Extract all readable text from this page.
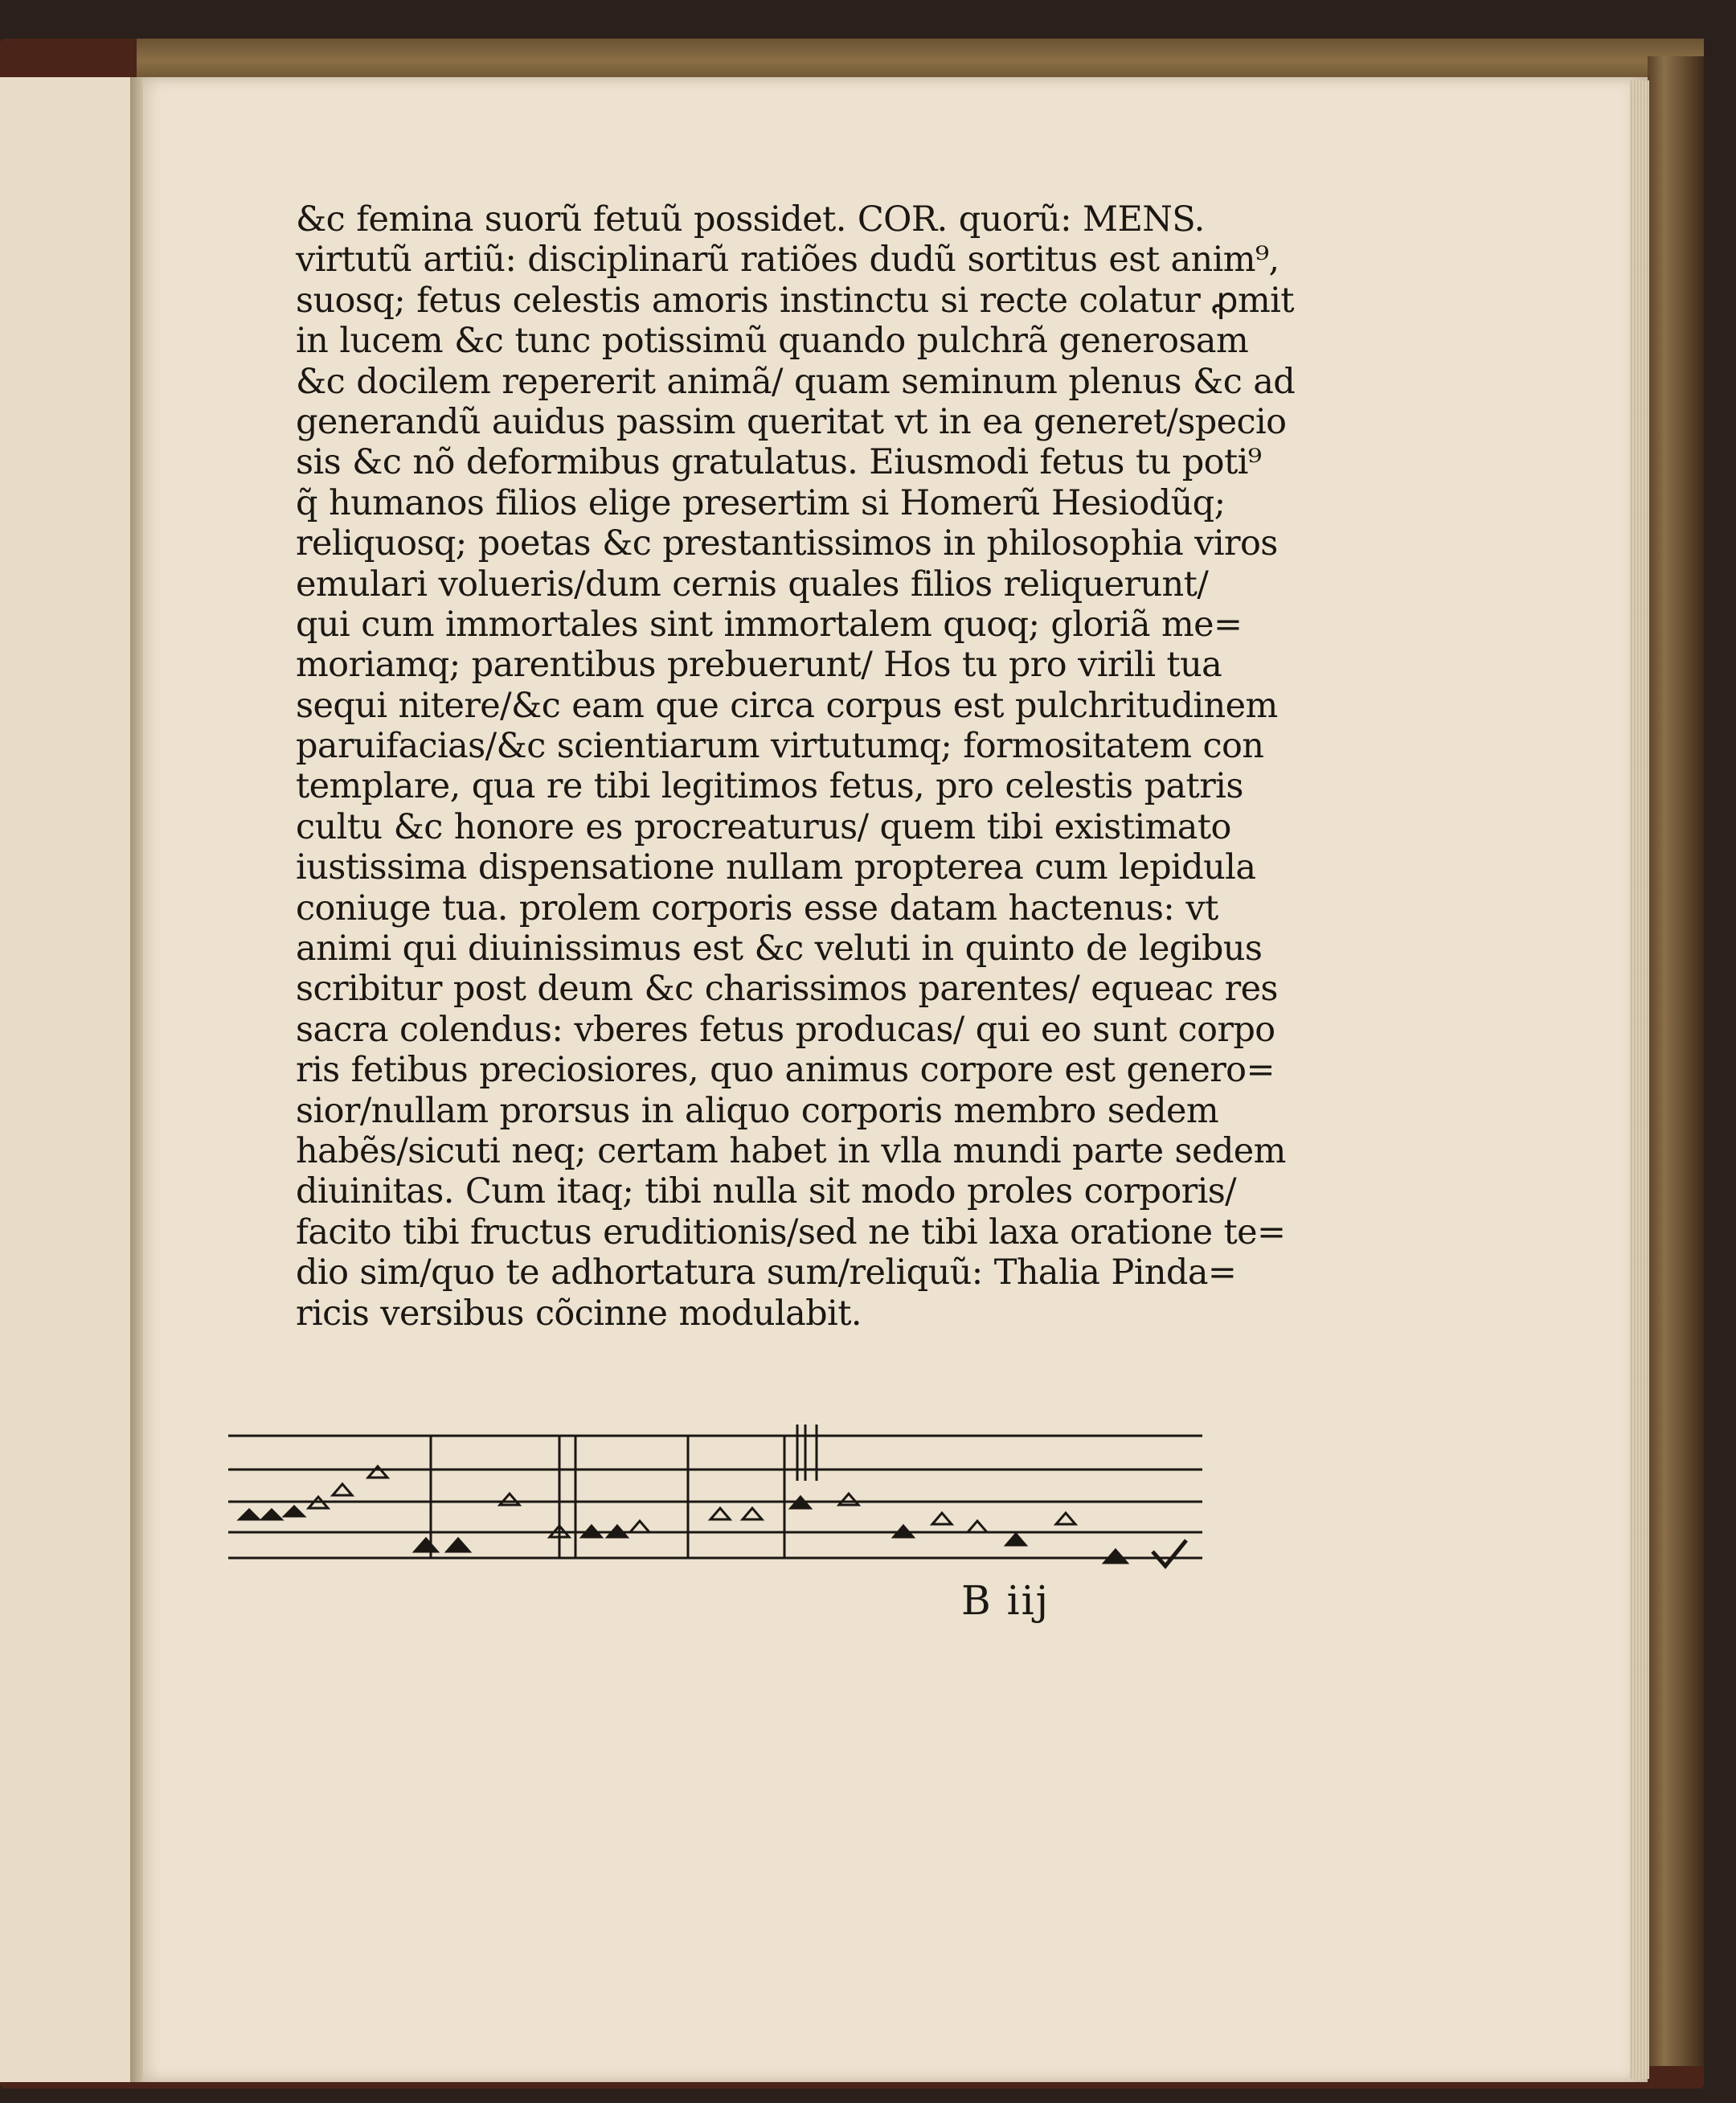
&c femina suorũ fetuũ possidet. COR. quorũ: MENS.
virtutũ artiũ: disciplinarũ ratiões dudũ sortitus est anim⁹,
suosq; fetus celestis amoris instinctu si recte colatur ꝓmit
in lucem &c tunc potissimũ quando pulchrã generosam
&c docilem repererit animã/ quam seminum plenus &c ad
generandũ auidus passim queritat vt in ea generet/specio
sis &c nõ deformibus gratulatus. Eiusmodi fetus tu poti⁹
q̃ humanos filios elige presertim si Homerũ Hesiodũq;
reliquosq; poetas &c prestantissimos in philosophia viros
emulari volueris/dum cernis quales filios reliquerunt/
qui cum immortales sint immortalem quoq; gloriã me=
moriamq; parentibus prebuerunt/ Hos tu pro virili tua
sequi nitere/&c eam que circa corpus est pulchritudinem
paruifacias/&c scientiarum virtutumq; formositatem con
templare, qua re tibi legitimos fetus, pro celestis patris
cultu &c honore es procreaturus/ quem tibi existimato
iustissima dispensatione nullam propterea cum lepidula
coniuge tua. prolem corporis esse datam hactenus: vt
animi qui diuinissimus est &c veluti in quinto de legibus
scribitur post deum &c charissimos parentes/ equeac res
sacra colendus: vberes fetus producas/ qui eo sunt corpo
ris fetibus preciosiores, quo animus corpore est genero=
sior/nullam prorsus in aliquo corporis membro sedem
habẽs/sicuti neq; certam habet in vlla mundi parte sedem
diuinitas. Cum itaq; tibi nulla sit modo proles corporis/
facito tibi fructus eruditionis/sed ne tibi laxa oratione te=
dio sim/quo te adhortatura sum/reliquũ: Thalia Pinda=
ricis versibus cõcinne modulabit.
B iij
